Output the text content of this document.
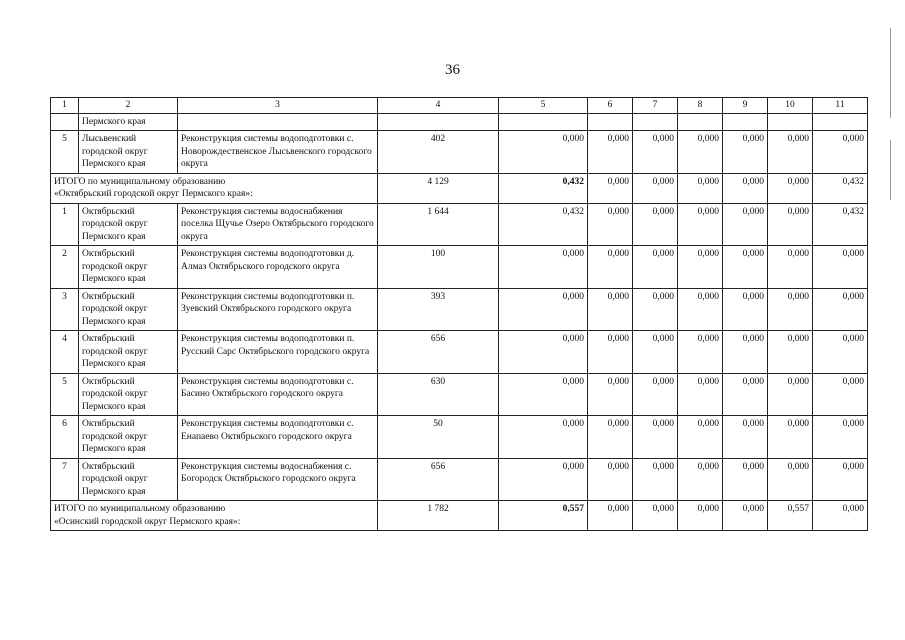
36
1	2	3	4	5	6	7	8	9	10	11
	Пермского края									
5	Лысьвенский городской округ Пермского края	Реконструкция системы водоподготовки с. Новорождественское Лысьвенского городского округа	402	0,000	0,000	0,000	0,000	0,000	0,000	0,000

ИТОГО по муниципальному образованию
«Октябрьский городской округ Пермского края»:			4 129	0,432	0,000	0,000	0,000	0,000	0,000	0,432
1	Октябрьский городской округ Пермского края	Реконструкция системы водоснабжения поселка Щучье Озеро Октябрьского городского округа	1 644	0,432	0,000	0,000	0,000	0,000	0,000	0,432
2	Октябрьский городской округ Пермского края	Реконструкция системы водоподготовки д. Алмаз Октябрьского городского округа	100	0,000	0,000	0,000	0,000	0,000	0,000	0,000
3	Октябрьский городской округ Пермского края	Реконструкция системы водоподготовки п. Зуевский Октябрьского городского округа	393	0,000	0,000	0,000	0,000	0,000	0,000	0,000
4	Октябрьский городской округ Пермского края	Реконструкция системы водоподготовки п. Русский Сарс Октябрьского городского округа	656	0,000	0,000	0,000	0,000	0,000	0,000	0,000
5	Октябрьский городской округ Пермского края	Реконструкция системы водоподготовки с. Басино Октябрьского городского округа	630	0,000	0,000	0,000	0,000	0,000	0,000	0,000
6	Октябрьский городской округ Пермского края	Реконструкция системы водоподготовки с. Енапаево Октябрьского городского округа	50	0,000	0,000	0,000	0,000	0,000	0,000	0,000
7	Октябрьский городской округ Пермского края	Реконструкция системы водоснабжения с. Богородск Октябрьского городского округа	656	0,000	0,000	0,000	0,000	0,000	0,000	0,000

ИТОГО по муниципальному образованию
«Осинский городской округ Пермского края»:			1 782	0,557	0,000	0,000	0,000	0,000	0,557	0,000
